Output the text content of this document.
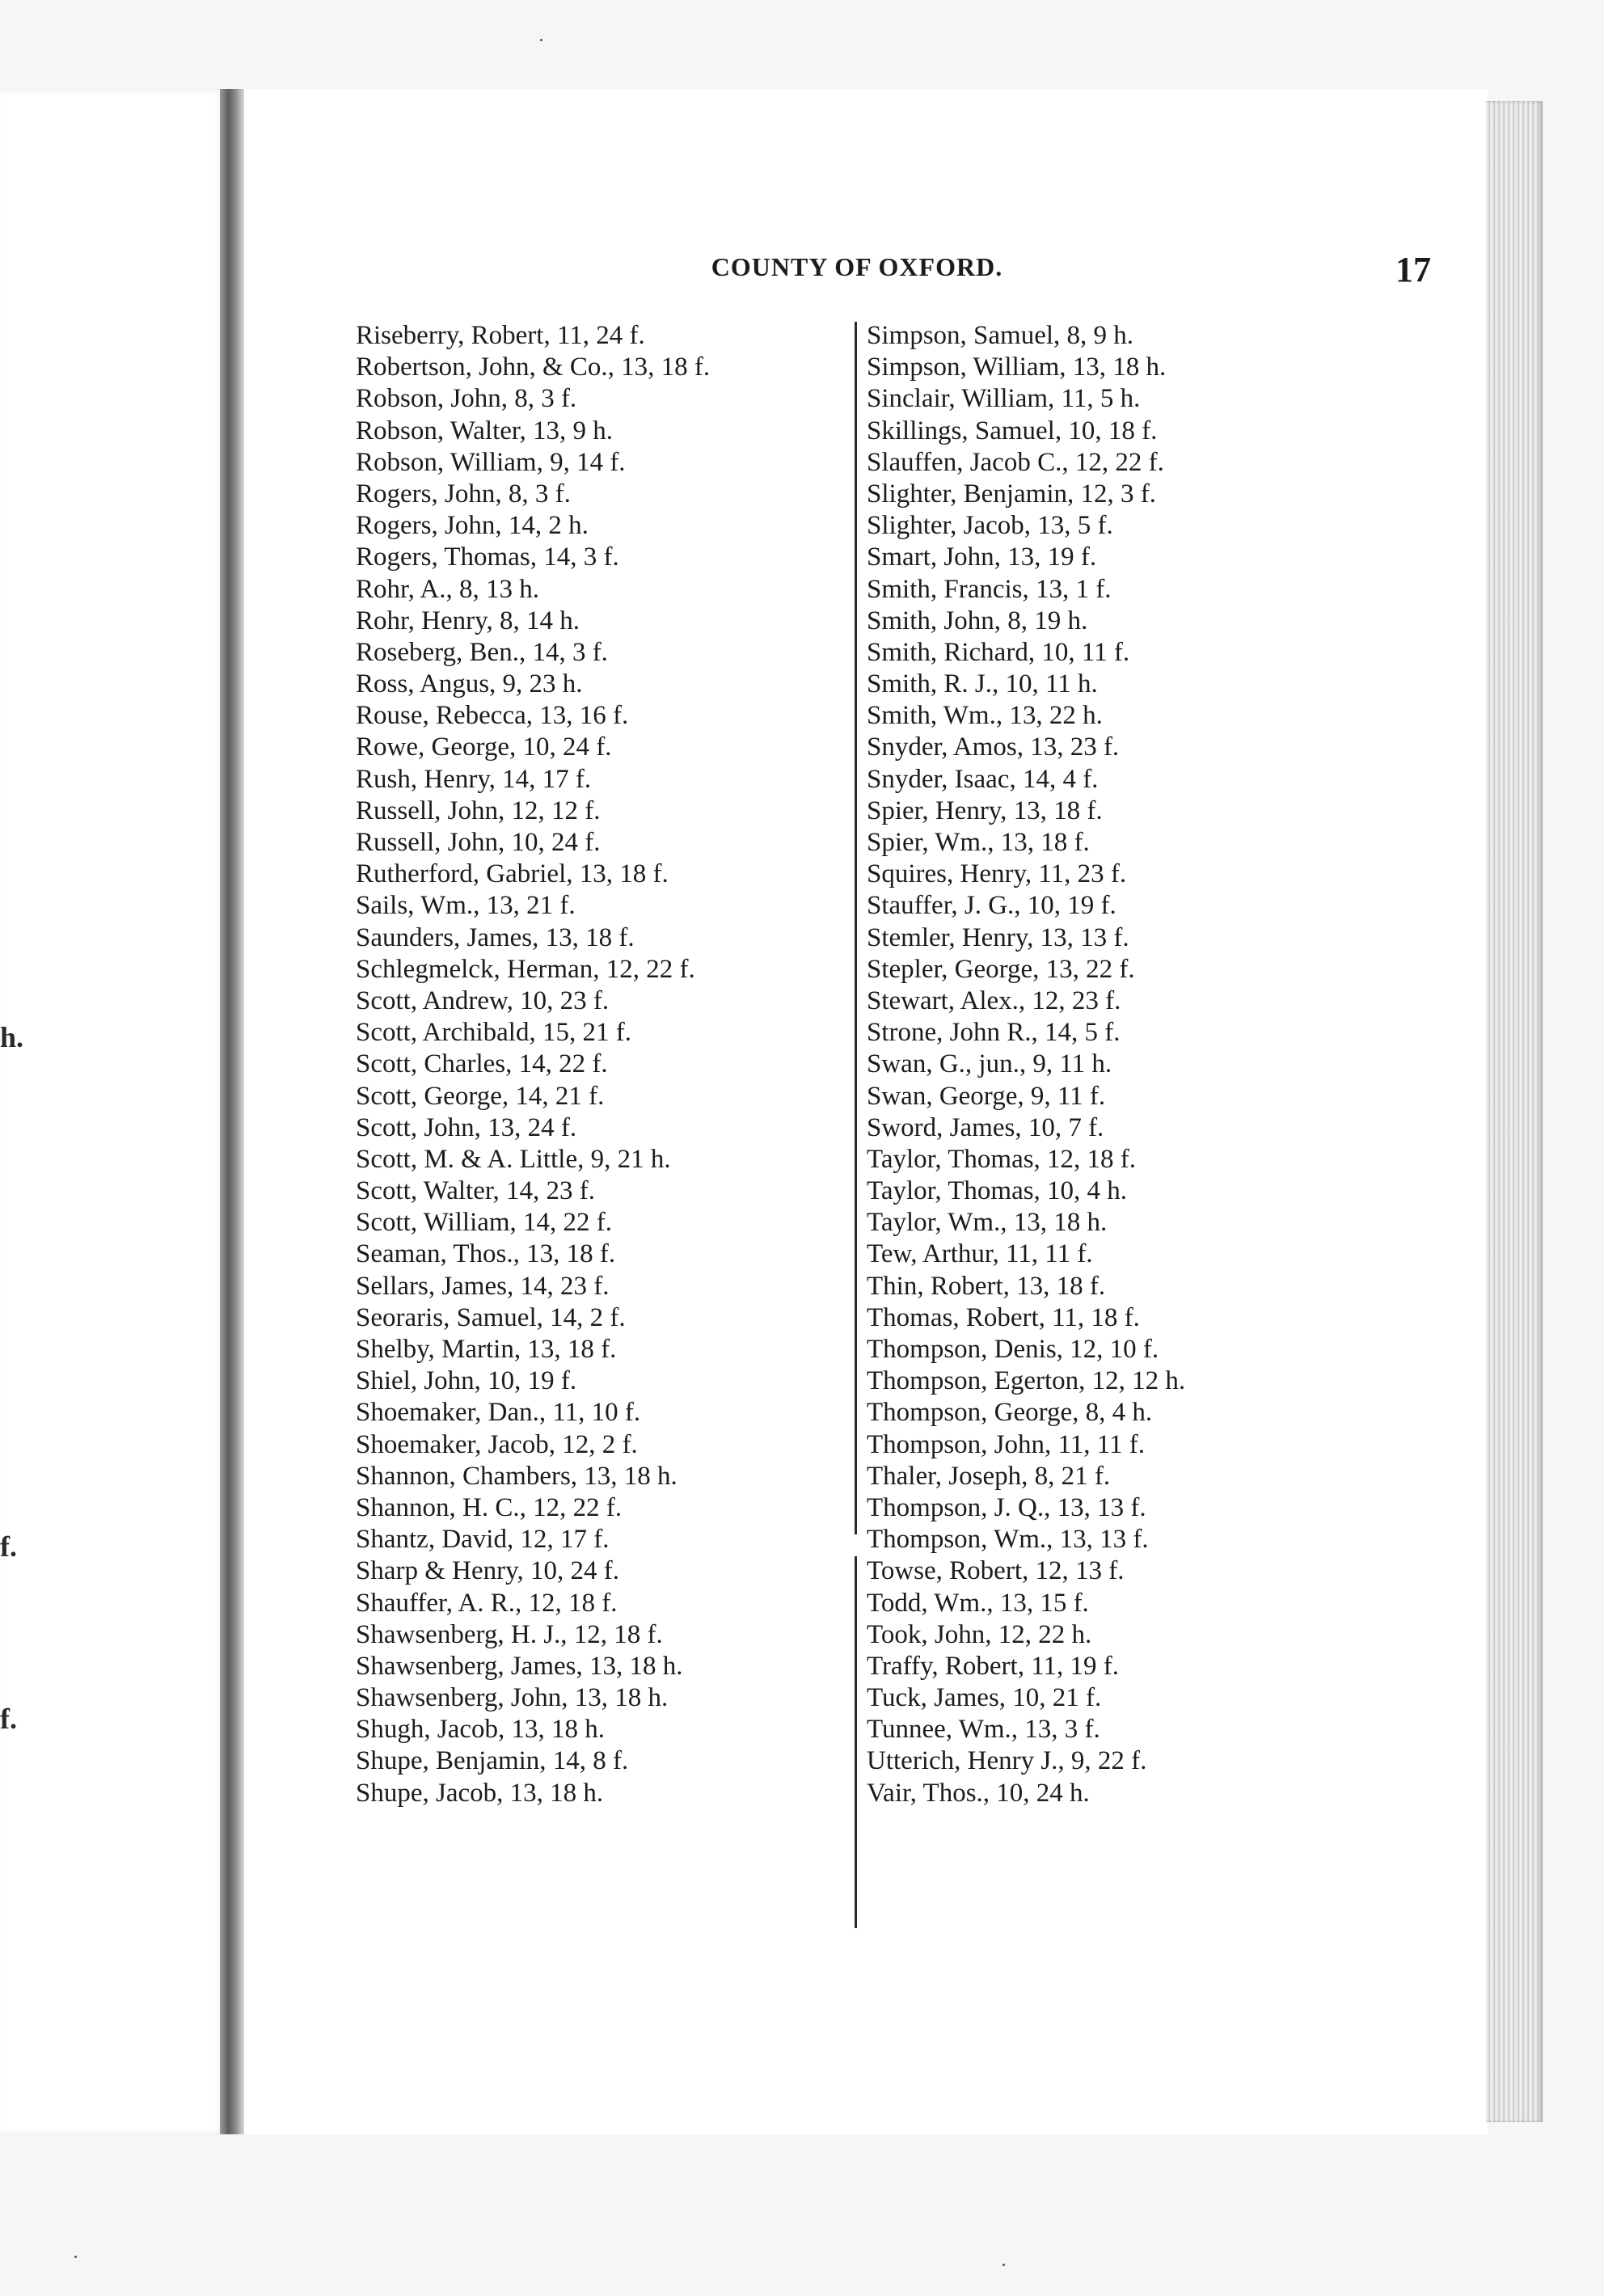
h.
f.
f.
COUNTY OF OXFORD.	17
Riseberry, Robert, 11, 24 f.
Robertson, John, & Co., 13, 18 f.
Robson, John, 8, 3 f.
Robson, Walter, 13, 9 h.
Robson, William, 9, 14 f.
Rogers, John, 8, 3 f.
Rogers, John, 14, 2 h.
Rogers, Thomas, 14, 3 f.
Rohr, A., 8, 13 h.
Rohr, Henry, 8, 14 h.
Roseberg, Ben., 14, 3 f.
Ross, Angus, 9, 23 h.
Rouse, Rebecca, 13, 16 f.
Rowe, George, 10, 24 f.
Rush, Henry, 14, 17 f.
Russell, John, 12, 12 f.
Russell, John, 10, 24 f.
Rutherford, Gabriel, 13, 18 f.
Sails, Wm., 13, 21 f.
Saunders, James, 13, 18 f.
Schlegmelck, Herman, 12, 22 f.
Scott, Andrew, 10, 23 f.
Scott, Archibald, 15, 21 f.
Scott, Charles, 14, 22 f.
Scott, George, 14, 21 f.
Scott, John, 13, 24 f.
Scott, M. & A. Little, 9, 21 h.
Scott, Walter, 14, 23 f.
Scott, William, 14, 22 f.
Seaman, Thos., 13, 18 f.
Sellars, James, 14, 23 f.
Seoraris, Samuel, 14, 2 f.
Shelby, Martin, 13, 18 f.
Shiel, John, 10, 19 f.
Shoemaker, Dan., 11, 10 f.
Shoemaker, Jacob, 12, 2 f.
Shannon, Chambers, 13, 18 h.
Shannon, H. C., 12, 22 f.
Shantz, David, 12, 17 f.
Sharp & Henry, 10, 24 f.
Shauffer, A. R., 12, 18 f.
Shawsenberg, H. J., 12, 18 f.
Shawsenberg, James, 13, 18 h.
Shawsenberg, John, 13, 18 h.
Shugh, Jacob, 13, 18 h.
Shupe, Benjamin, 14, 8 f.
Shupe, Jacob, 13, 18 h.
Simpson, Samuel, 8, 9 h.
Simpson, William, 13, 18 h.
Sinclair, William, 11, 5 h.
Skillings, Samuel, 10, 18 f.
Slauffen, Jacob C., 12, 22 f.
Slighter, Benjamin, 12, 3 f.
Slighter, Jacob, 13, 5 f.
Smart, John, 13, 19 f.
Smith, Francis, 13, 1 f.
Smith, John, 8, 19 h.
Smith, Richard, 10, 11 f.
Smith, R. J., 10, 11 h.
Smith, Wm., 13, 22 h.
Snyder, Amos, 13, 23 f.
Snyder, Isaac, 14, 4 f.
Spier, Henry, 13, 18 f.
Spier, Wm., 13, 18 f.
Squires, Henry, 11, 23 f.
Stauffer, J. G., 10, 19 f.
Stemler, Henry, 13, 13 f.
Stepler, George, 13, 22 f.
Stewart, Alex., 12, 23 f.
Strone, John R., 14, 5 f.
Swan, G., jun., 9, 11 h.
Swan, George, 9, 11 f.
Sword, James, 10, 7 f.
Taylor, Thomas, 12, 18 f.
Taylor, Thomas, 10, 4 h.
Taylor, Wm., 13, 18 h.
Tew, Arthur, 11, 11 f.
Thin, Robert, 13, 18 f.
Thomas, Robert, 11, 18 f.
Thompson, Denis, 12, 10 f.
Thompson, Egerton, 12, 12 h.
Thompson, George, 8, 4 h.
Thompson, John, 11, 11 f.
Thaler, Joseph, 8, 21 f.
Thompson, J. Q., 13, 13 f.
Thompson, Wm., 13, 13 f.
Towse, Robert, 12, 13 f.
Todd, Wm., 13, 15 f.
Took, John, 12, 22 h.
Traffy, Robert, 11, 19 f.
Tuck, James, 10, 21 f.
Tunnee, Wm., 13, 3 f.
Utterich, Henry J., 9, 22 f.
Vair, Thos., 10, 24 h.
